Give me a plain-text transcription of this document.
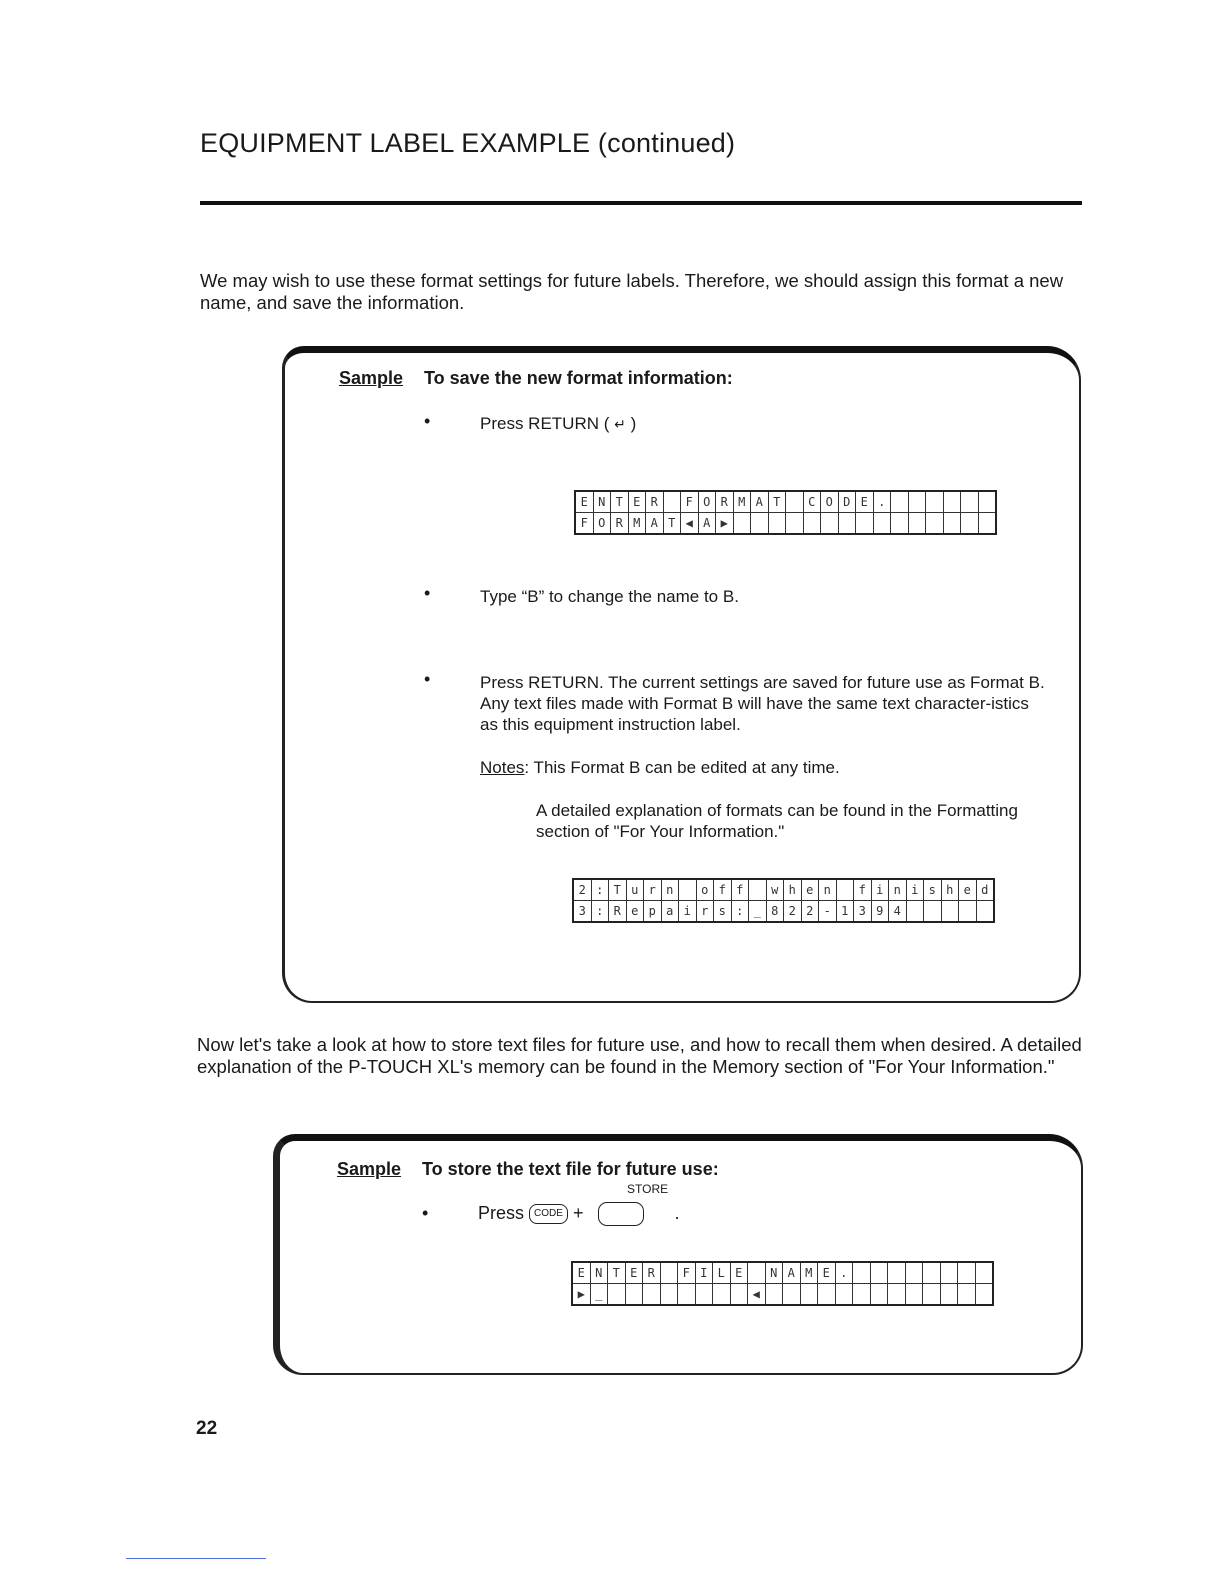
EQUIPMENT LABEL EXAMPLE (continued)

We may wish to use these format settings for future labels. Therefore, we should assign this format a new name, and save the information.

Sample To save the new format information:
•	Press RETURN ( ↵ )
E	N	T	E	R		F	O	R	M	A	T		C	O	D	E	.						
F	O	R	M	A	T	◀	A	▶															
•	Type “B” to change the name to B.

•	Press RETURN. The current settings are saved for future use as Format B. Any text files made with Format B will have the same text character-istics as this equipment instruction label.

Notes: This Format B can be edited at any time.

A detailed explanation of formats can be found in the Formatting section of "For Your Information."

2	:	T	u	r	n		o	f	f		w	h	e	n		f	i	n	i	s	h	e	d
3	:	R	e	p	a	i	r	s	:	_	8	2	2	-	1	3	9	4					

Now let's take a look at how to store text files for future use, and how to recall them when desired. A detailed explanation of the P-TOUCH XL's memory can be found in the Memory section of "For Your Information."

Sample To store the text file for future use:
STORE
•	Press CODE +	.
E	N	T	E	R		F	I	L	E		N	A	M	E	.								
▶	_									◀													
22
